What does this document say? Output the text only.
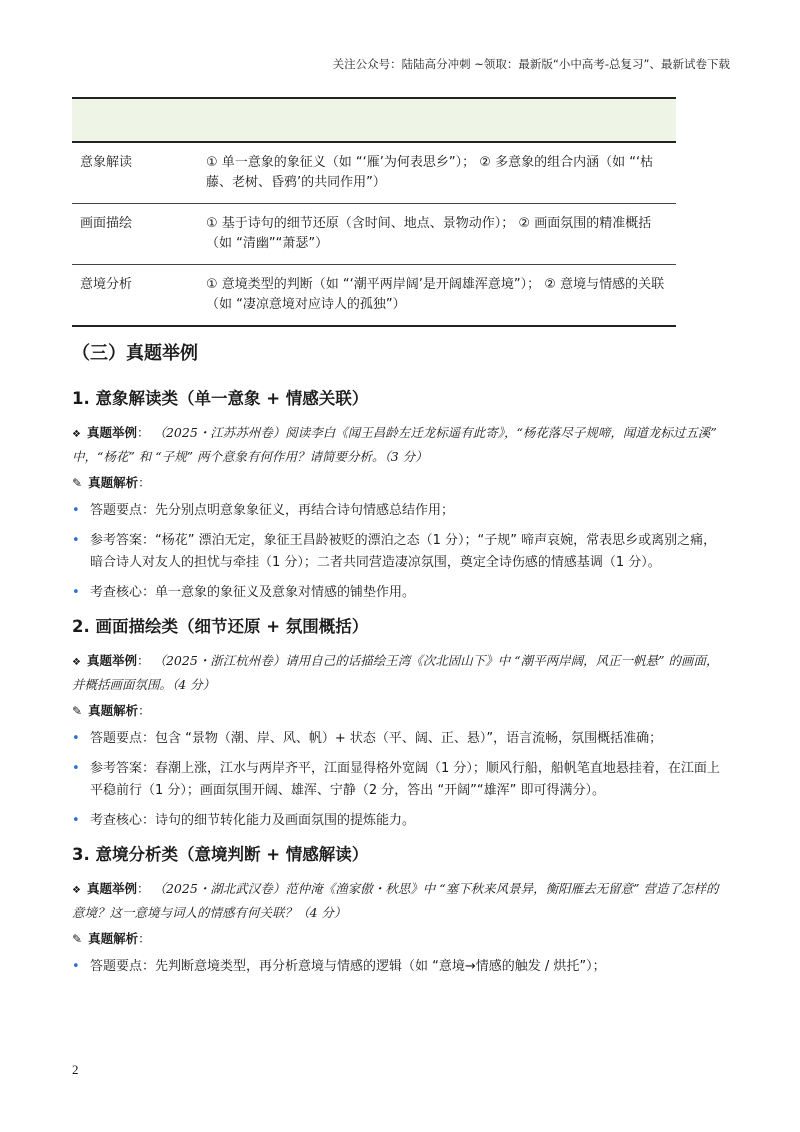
关注公众号：陆陆高分冲刺 ~领取：最新版“小中高考-总复习”、最新试卷下载
意象解读	① 单一意象的象征义（如 “‘雁’为何表思乡”）； ② 多意象的组合内涵（如 “‘枯藤、老树、昏鸦’的共同作用”）
画面描绘	① 基于诗句的细节还原（含时间、地点、景物动作）； ② 画面氛围的精准概括（如 “清幽”“萧瑟”）
意境分析	① 意境类型的判断（如 “‘潮平两岸阔’是开阔雄浑意境”）； ② 意境与情感的关联（如 “凄凉意境对应诗人的孤独”）
（三）真题举例
1. 意象解读类（单一意象 + 情感关联）
❖ 真题举例： （2025・江苏苏州卷）阅读李白《闻王昌龄左迁龙标遥有此寄》，“杨花落尽子规啼，闻道龙标过五溪” 中，“杨花” 和 “子规” 两个意象有何作用？请简要分析。（3 分）
✎ 真题解析：
• 答题要点：先分别点明意象象征义，再结合诗句情感总结作用；
• 参考答案：“杨花” 漂泊无定，象征王昌龄被贬的漂泊之态（1 分）；“子规” 啼声哀婉，常表思乡或离别之痛，暗合诗人对友人的担忧与牵挂（1 分）；二者共同营造凄凉氛围，奠定全诗伤感的情感基调（1 分）。
• 考查核心：单一意象的象征义及意象对情感的铺垫作用。
2. 画面描绘类（细节还原 + 氛围概括）
❖ 真题举例： （2025・浙江杭州卷）请用自己的话描绘王湾《次北固山下》中 “潮平两岸阔，风正一帆悬” 的画面，并概括画面氛围。（4 分）
✎ 真题解析：
• 答题要点：包含 “景物（潮、岸、风、帆）+ 状态（平、阔、正、悬）”，语言流畅，氛围概括准确；
• 参考答案：春潮上涨，江水与两岸齐平，江面显得格外宽阔（1 分）；顺风行船，船帆笔直地悬挂着，在江面上平稳前行（1 分）；画面氛围开阔、雄浑、宁静（2 分，答出 “开阔”“雄浑” 即可得满分）。
• 考查核心：诗句的细节转化能力及画面氛围的提炼能力。
3. 意境分析类（意境判断 + 情感解读）
❖ 真题举例： （2025・湖北武汉卷）范仲淹《渔家傲・秋思》中 “塞下秋来风景异，衡阳雁去无留意” 营造了怎样的意境？这一意境与词人的情感有何关联？（4 分）
✎ 真题解析：
• 答题要点：先判断意境类型，再分析意境与情感的逻辑（如 “意境→情感的触发 / 烘托”）；
2
